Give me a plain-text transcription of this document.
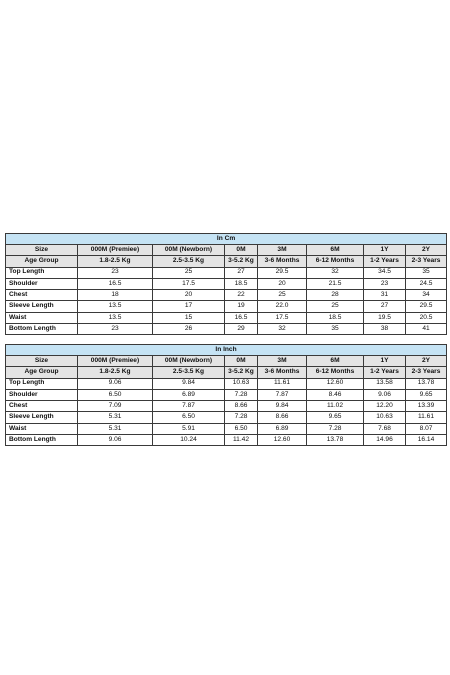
In Cm							
Size	000M (Premiee)	00M (Newborn)	0M	3M	6M	1Y	2Y
Age Group	1.8-2.5 Kg	2.5-3.5 Kg	3-5.2 Kg	3-6 Months	6-12 Months	1-2 Years	2-3 Years
Top Length	23	25	27	29.5	32	34.5	35
Shoulder	16.5	17.5	18.5	20	21.5	23	24.5
Chest	18	20	22	25	28	31	34
Sleeve Length	13.5	17	19	22.0	25	27	29.5
Waist	13.5	15	16.5	17.5	18.5	19.5	20.5
Bottom Length	23	26	29	32	35	38	41
In Inch							
Size	000M (Premiee)	00M (Newborn)	0M	3M	6M	1Y	2Y
Age Group	1.8-2.5 Kg	2.5-3.5 Kg	3-5.2 Kg	3-6 Months	6-12 Months	1-2 Years	2-3 Years
Top Length	9.06	9.84	10.63	11.61	12.60	13.58	13.78
Shoulder	6.50	6.89	7.28	7.87	8.46	9.06	9.65
Chest	7.09	7.87	8.66	9.84	11.02	12.20	13.39
Sleeve Length	5.31	6.50	7.28	8.66	9.65	10.63	11.61
Waist	5.31	5.91	6.50	6.89	7.28	7.68	8.07
Bottom Length	9.06	10.24	11.42	12.60	13.78	14.96	16.14
